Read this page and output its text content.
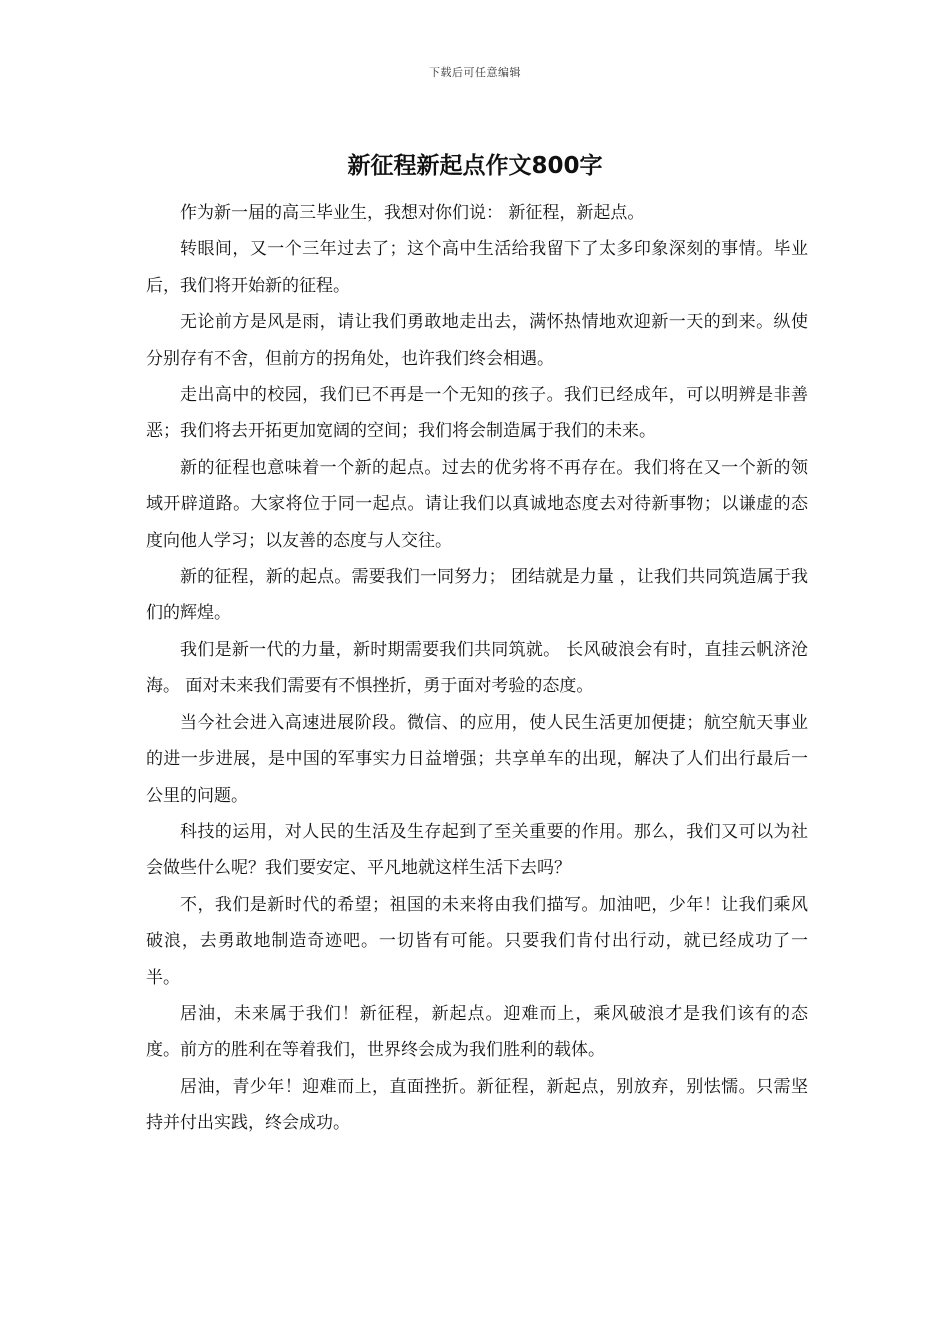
下载后可任意编辑
新征程新起点作文800字

作为新一届的高三毕业生，我想对你们说： 新征程，新起点。

转眼间，又一个三年过去了；这个高中生活给我留下了太多印象深刻的事情。毕业后，我们将开始新的征程。

无论前方是风是雨，请让我们勇敢地走出去，满怀热情地欢迎新一天的到来。纵使分别存有不舍，但前方的拐角处，也许我们终会相遇。

走出高中的校园，我们已不再是一个无知的孩子。我们已经成年，可以明辨是非善恶；我们将去开拓更加宽阔的空间；我们将会制造属于我们的未来。

新的征程也意味着一个新的起点。过去的优劣将不再存在。我们将在又一个新的领域开辟道路。大家将位于同一起点。请让我们以真诚地态度去对待新事物；以谦虚的态度向他人学习；以友善的态度与人交往。

新的征程，新的起点。需要我们一同努力； 团结就是力量 ，让我们共同筑造属于我们的辉煌。

我们是新一代的力量，新时期需要我们共同筑就。 长风破浪会有时，直挂云帆济沧海。 面对未来我们需要有不惧挫折，勇于面对考验的态度。

当今社会进入高速进展阶段。微信、的应用，使人民生活更加便捷；航空航天事业的进一步进展，是中国的军事实力日益增强；共享单车的出现，解决了人们出行最后一公里的问题。

科技的运用，对人民的生活及生存起到了至关重要的作用。那么，我们又可以为社会做些什么呢？我们要安定、平凡地就这样生活下去吗？

不，我们是新时代的希望；祖国的未来将由我们描写。加油吧，少年！让我们乘风破浪，去勇敢地制造奇迹吧。一切皆有可能。只要我们肯付出行动，就已经成功了一半。

居油，未来属于我们！新征程，新起点。迎难而上，乘风破浪才是我们该有的态度。前方的胜利在等着我们，世界终会成为我们胜利的载体。

居油，青少年！迎难而上，直面挫折。新征程，新起点，别放弃，别怯懦。只需坚持并付出实践，终会成功。
